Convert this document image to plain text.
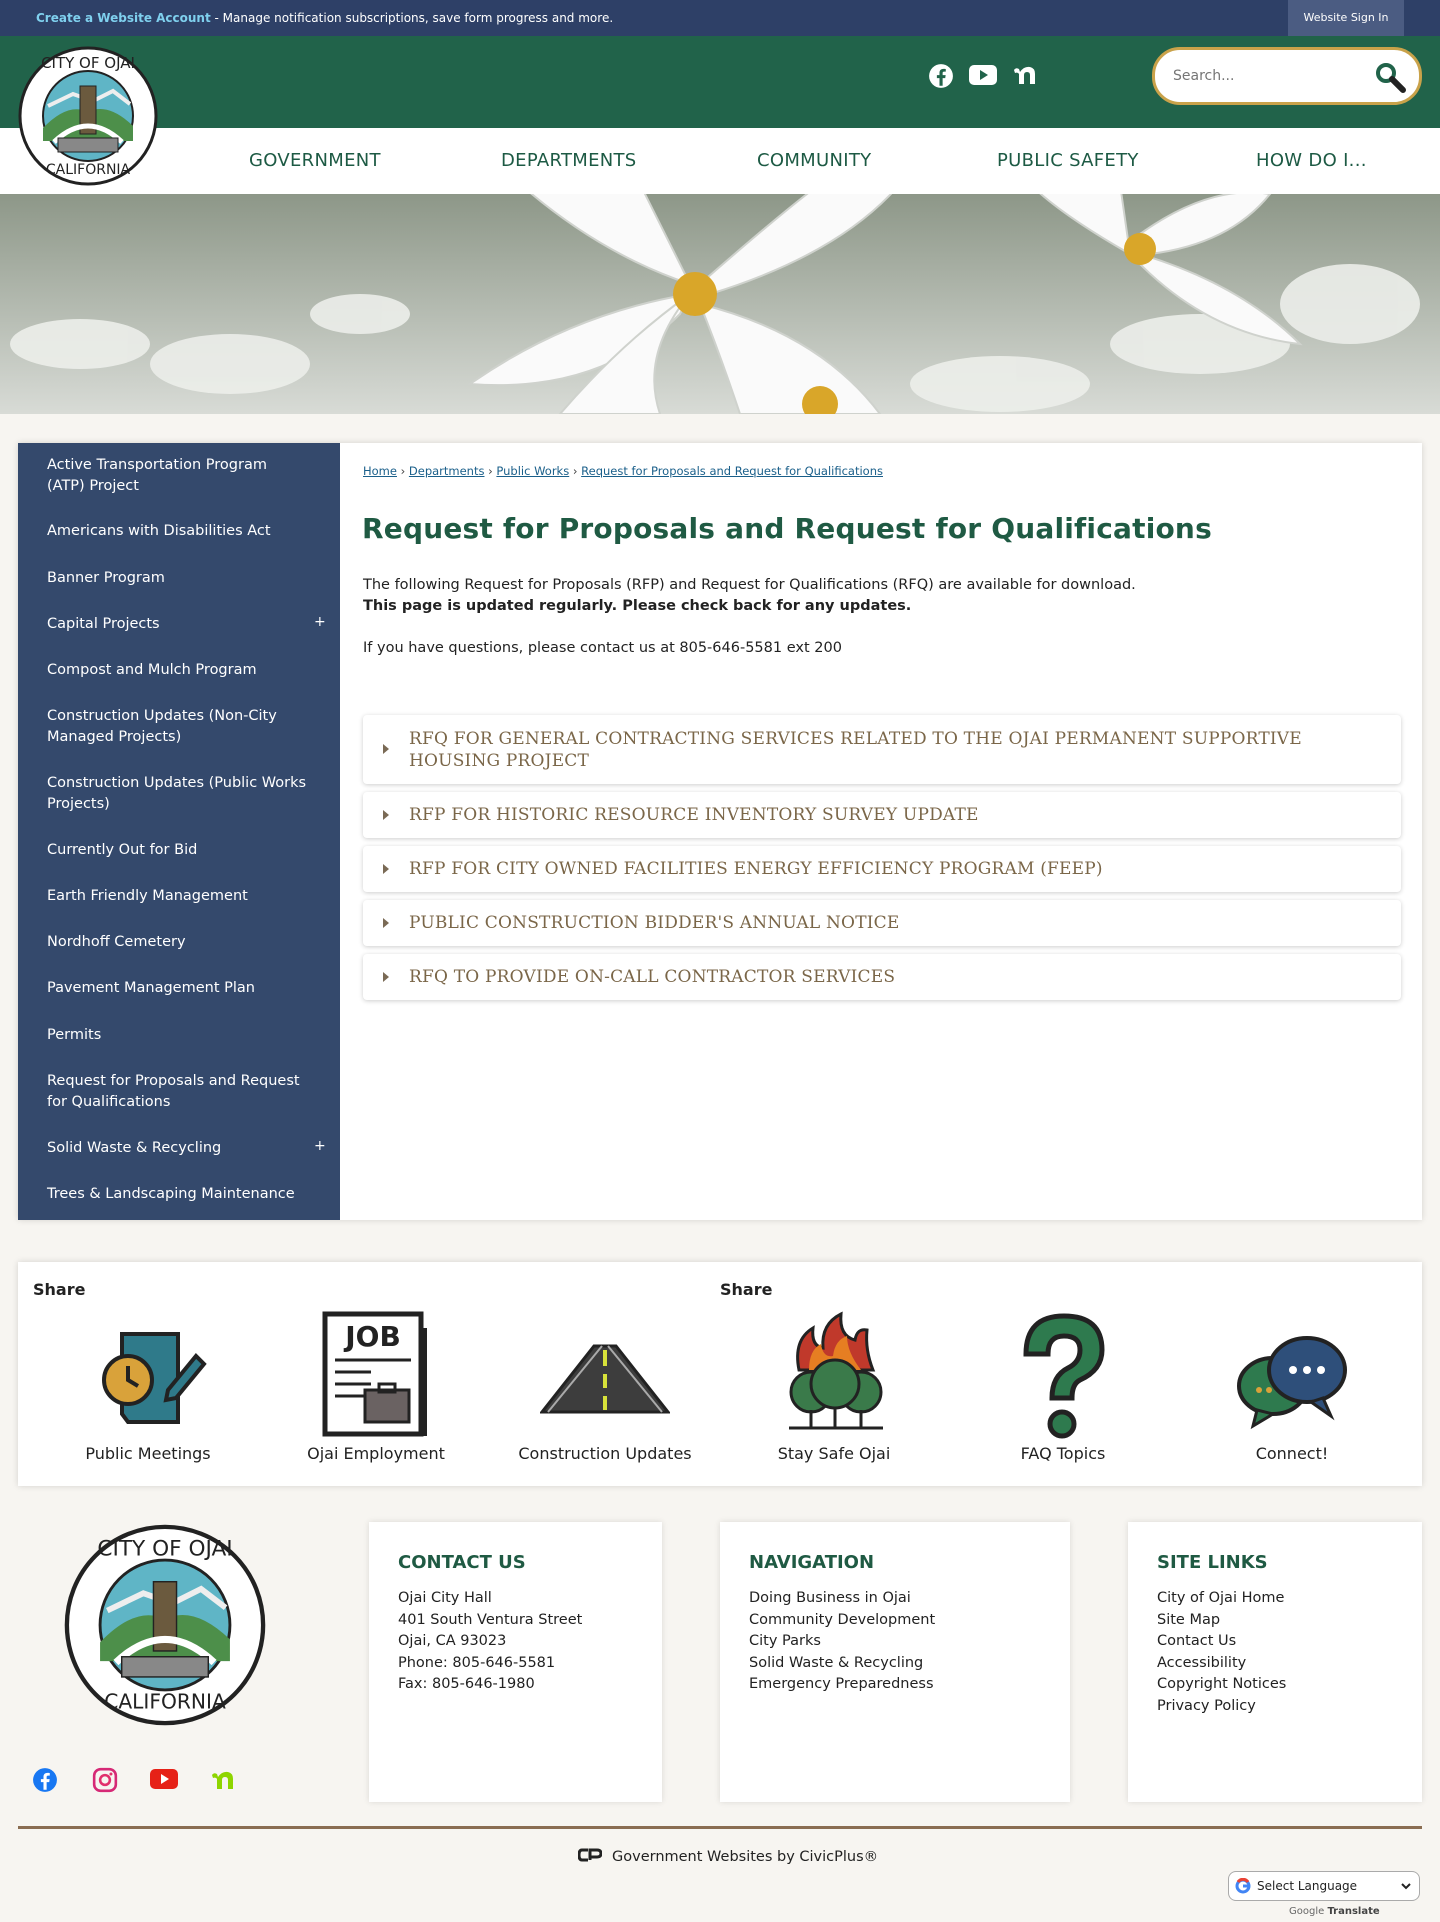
Create a Website Account - Manage notification subscriptions, save form progress and more.	Website Sign In
CITY OF OJAI
CALIFORNIA
Search...	GOVERNMENT	DEPARTMENTS	COMMUNITY	PUBLIC SAFETY	HOW DO I...
Active Transportation Program (ATP) Project
Americans with Disabilities Act
Banner Program
Capital Projects	+
Compost and Mulch Program
Construction Updates (Non-City Managed Projects)
Construction Updates (Public Works Projects)
Currently Out for Bid
Earth Friendly Management
Nordhoff Cemetery
Pavement Management Plan
Permits
Request for Proposals and Request for Qualifications
Solid Waste & Recycling	+
Trees & Landscaping Maintenance
Home › Departments › Public Works › Request for Proposals and Request for Qualifications
Request for Proposals and Request for Qualifications
The following Request for Proposals (RFP) and Request for Qualifications (RFQ) are available for download.
This page is updated regularly. Please check back for any updates.
If you have questions, please contact us at 805-646-5581 ext 200
RFQ FOR GENERAL CONTRACTING SERVICES RELATED TO THE OJAI PERMANENT SUPPORTIVE HOUSING PROJECT
RFP FOR HISTORIC RESOURCE INVENTORY SURVEY UPDATE
RFP FOR CITY OWNED FACILITIES ENERGY EFFICIENCY PROGRAM (FEEP)
PUBLIC CONSTRUCTION BIDDER'S ANNUAL NOTICE
RFQ TO PROVIDE ON-CALL CONTRACTOR SERVICES
Share	Share
Public Meetings
JOB
Ojai Employment	Construction Updates	Stay Safe Ojai	FAQ Topics	Connect!
CITY OF OJAI
CALIFORNIA
CONTACT US
Ojai City Hall
401 South Ventura Street
Ojai, CA 93023
Phone: 805-646-5581
Fax: 805-646-1980
NAVIGATION
Doing Business in Ojai
Community Development
City Parks
Solid Waste & Recycling
Emergency Preparedness
SITE LINKS
City of Ojai Home
Site Map
Contact Us
Accessibility
Copyright Notices
Privacy Policy
Government Websites by CivicPlus®
Select Language
Google Translate
